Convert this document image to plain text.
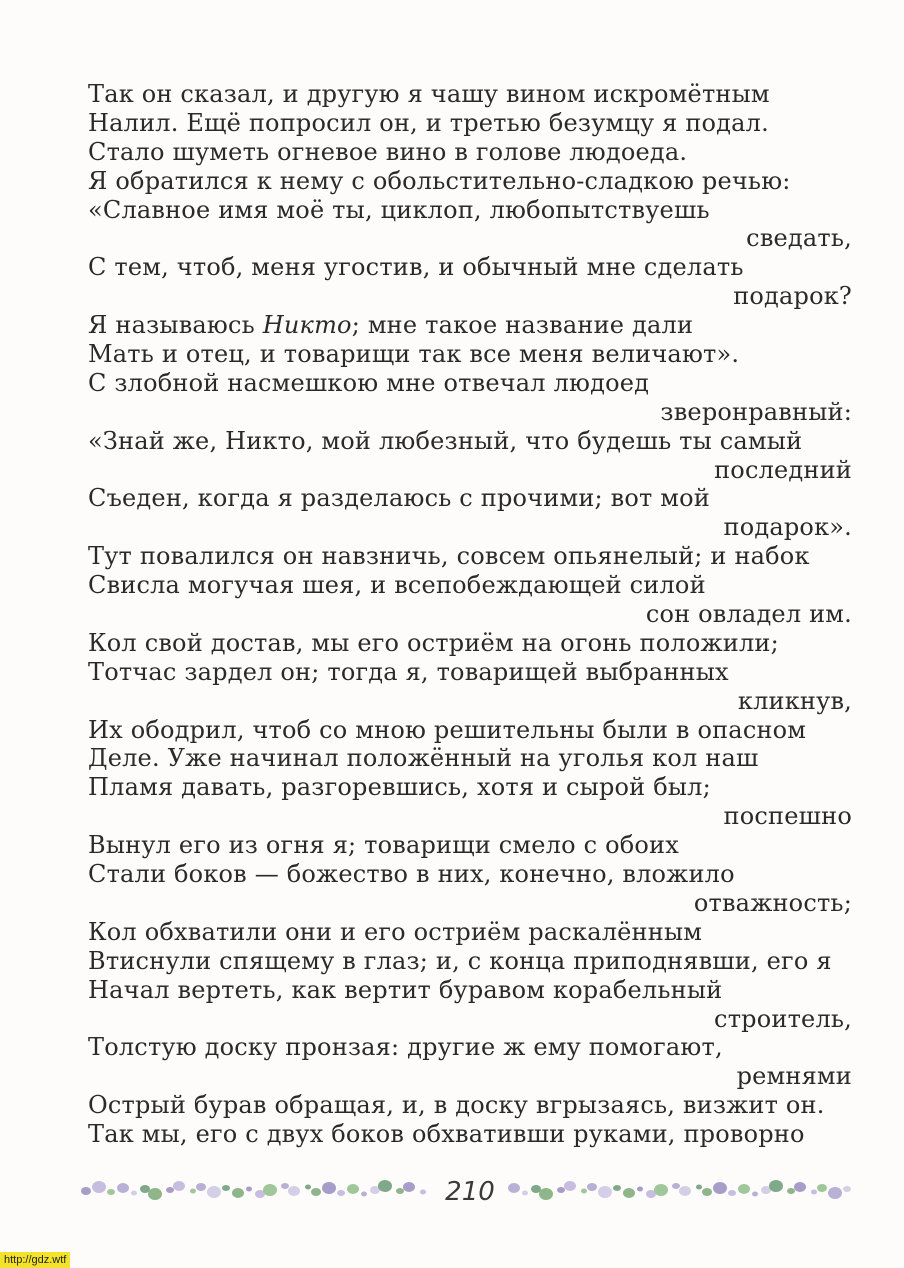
Так он сказал, и другую я чашу вином искромётным
Налил. Ещё попросил он, и третью безумцу я подал.
Стало шуметь огневое вино в голове людоеда.
Я обратился к нему с обольстительно-сладкою речью:
«Славное имя моё ты, циклоп, любопытствуешь
сведать,
С тем, чтоб, меня угостив, и обычный мне сделать
подарок?
Я называюсь Никто; мне такое название дали
Мать и отец, и товарищи так все меня величают».
С злобной насмешкою мне отвечал людоед
зверонравный:
«Знай же, Никто, мой любезный, что будешь ты самый
последний
Съеден, когда я разделаюсь с прочими; вот мой
подарок».
Тут повалился он навзничь, совсем опьянелый; и набок
Свисла могучая шея, и всепобеждающей силой
сон овладел им.
Кол свой достав, мы его остриём на огонь положили;
Тотчас зардел он; тогда я, товарищей выбранных
кликнув,
Их ободрил, чтоб со мною решительны были в опасном
Деле. Уже начинал положённый на уголья кол наш
Пламя давать, разгоревшись, хотя и сырой был;
поспешно
Вынул его из огня я; товарищи смело с обоих
Стали боков — божество в них, конечно, вложило
отважность;
Кол обхватили они и его остриём раскалённым
Втиснули спящему в глаз; и, с конца приподнявши, его я
Начал вертеть, как вертит буравом корабельный
строитель,
Толстую доску пронзая: другие ж ему помогают,
ремнями
Острый бурав обращая, и, в доску вгрызаясь, визжит он.
Так мы, его с двух боков обхвативши руками, проворно
210
http://gdz.wtf
